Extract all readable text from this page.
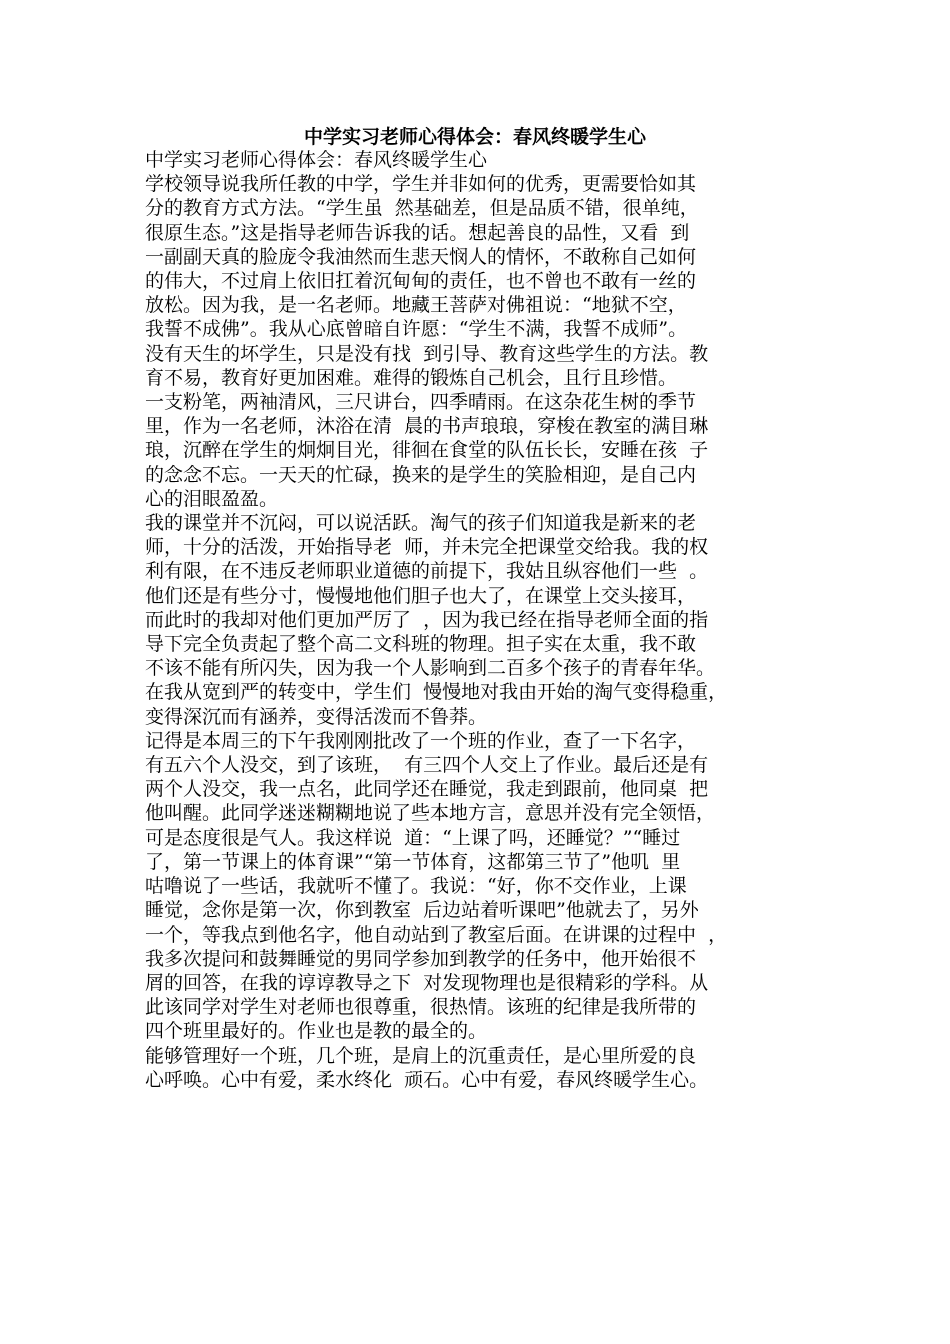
中学实习老师心得体会：春风终暖学生心
中学实习老师心得体会：春风终暖学生心
学校领导说我所任教的中学，学生并非如何的优秀，更需要恰如其
分的教育方式方法。“学生虽  然基础差，但是品质不错，很单纯，
很原生态。”这是指导老师告诉我的话。想起善良的品性，又看  到
一副副天真的脸庞令我油然而生悲天悯人的情怀，不敢称自己如何
的伟大，不过肩上依旧扛着沉甸甸的责任，也不曾也不敢有一丝的
放松。因为我，是一名老师。地藏王菩萨对佛祖说：“地狱不空，
我誓不成佛”。我从心底曾暗自许愿：“学生不满，我誓不成师”。
没有天生的坏学生，只是没有找  到引导、教育这些学生的方法。教
育不易，教育好更加困难。难得的锻炼自己机会，且行且珍惜。
一支粉笔，两袖清风，三尺讲台，四季晴雨。在这杂花生树的季节
里，作为一名老师，沐浴在清  晨的书声琅琅，穿梭在教室的满目琳
琅，沉醉在学生的炯炯目光，徘徊在食堂的队伍长长，安睡在孩  子
的念念不忘。一天天的忙碌，换来的是学生的笑脸相迎，是自己内
心的泪眼盈盈。
我的课堂并不沉闷，可以说活跃。淘气的孩子们知道我是新来的老
师，十分的活泼，开始指导老  师，并未完全把课堂交给我。我的权
利有限，在不违反老师职业道德的前提下，我姑且纵容他们一些  。
他们还是有些分寸，慢慢地他们胆子也大了，在课堂上交头接耳，
而此时的我却对他们更加严厉了  ，因为我已经在指导老师全面的指
导下完全负责起了整个高二文科班的物理。担子实在太重，我不敢
不该不能有所闪失，因为我一个人影响到二百多个孩子的青春年华。
在我从宽到严的转变中，学生们  慢慢地对我由开始的淘气变得稳重，
变得深沉而有涵养，变得活泼而不鲁莽。
记得是本周三的下午我刚刚批改了一个班的作业，查了一下名字，
有五六个人没交，到了该班，  有三四个人交上了作业。最后还是有
两个人没交，我一点名，此同学还在睡觉，我走到跟前，他同桌  把
他叫醒。此同学迷迷糊糊地说了些本地方言，意思并没有完全领悟，
可是态度很是气人。我这样说  道：“上课了吗，还睡觉？”“睡过
了，第一节课上的体育课”“第一节体育，这都第三节了”他叽  里
咕噜说了一些话，我就听不懂了。我说：“好，你不交作业，上课
睡觉，念你是第一次，你到教室  后边站着听课吧”他就去了，另外
一个，等我点到他名字，他自动站到了教室后面。在讲课的过程中  ，
我多次提问和鼓舞睡觉的男同学参加到教学的任务中，他开始很不
屑的回答，在我的谆谆教导之下  对发现物理也是很精彩的学科。从
此该同学对学生对老师也很尊重，很热情。该班的纪律是我所带的
四个班里最好的。作业也是教的最全的。
能够管理好一个班，几个班，是肩上的沉重责任，是心里所爱的良
心呼唤。心中有爱，柔水终化  顽石。心中有爱，春风终暖学生心。
